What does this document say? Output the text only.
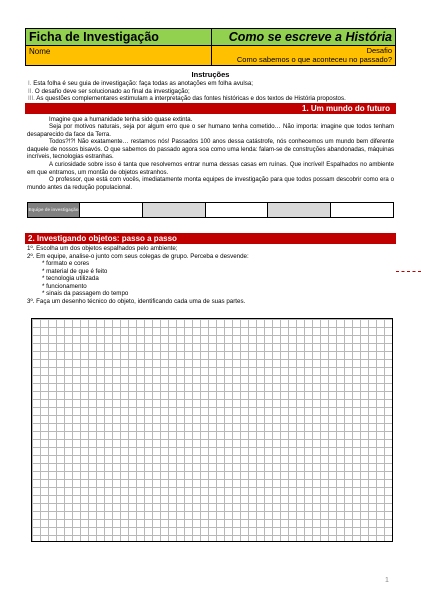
Ficha de Investigação	Como se escreve a História
Nome	Desafio
Como sabemos o que aconteceu no passado?
Instruções
I. Esta folha é seu guia de investigação: faça todas as anotações em folha avulsa;
II. O desafio deve ser solucionado ao final da investigação;
III. As questões complementares estimulam a interpretação das fontes históricas e dos textos de História propostos.
1. Um mundo do futuro
Imagine que a humanidade tenha sido quase extinta.
Seja por motivos naturais, seja por algum erro que o ser humano tenha cometido… Não importa: imagine que todos tenham desaparecido da face da Terra.
Todos?!?! Não exatamente… restamos nós! Passados 100 anos dessa catástrofe, nós conhecemos um mundo bem diferente daquele de nossos bisavós. O que sabemos do passado agora soa como uma lenda: falam-se de construções abandonadas, máquinas incríveis, tecnologias estranhas.
A curiosidade sobre isso é tanta que resolvemos entrar numa dessas casas em ruínas. Que incrível! Espalhados no ambiente em que entramos, um montão de objetos estranhos.
O professor, que está com vocês, imediatamente monta equipes de investigação para que todos possam descobrir como era o mundo antes da redução populacional.
Equipe de investigação
2. Investigando objetos: passo a passo
1º. Escolha um dos objetos espalhados pelo ambiente;
2º. Em equipe, analise-o junto com seus colegas de grupo. Perceba e desvende:
* formato e cores
* material de que é feito
* tecnologia utilizada
* funcionamento
* sinais da passagem do tempo
3º. Faça um desenho técnico do objeto, identificando cada uma de suas partes.
1
